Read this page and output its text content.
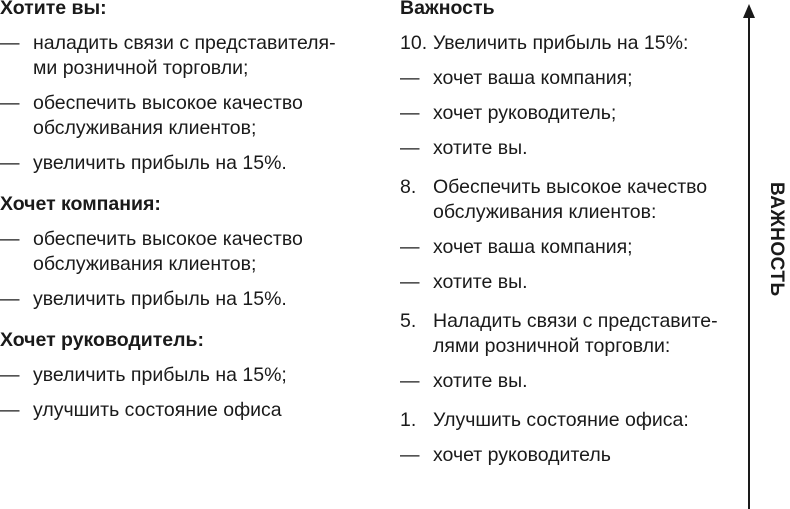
Хотите вы:

— наладить связи с представителя-
ми розничной торговли;
— обеспечить высокое качество
обслуживания клиентов;
— увеличить прибыль на 15%.

Хочет компания:

— обеспечить высокое качество
обслуживания клиентов;
— увеличить прибыль на 15%.

Хочет руководитель:

— увеличить прибыль на 15%;
— улучшить состояние офиса

Важность

10. Увеличить прибыль на 15%:
— хочет ваша компания;
— хочет руководитель;
— хотите вы.
8. Обеспечить высокое качество
обслуживания клиентов:
— хочет ваша компания;
— хотите вы.
5. Наладить связи с представите-
лями розничной торговли:
— хотите вы.
1. Улучшить состояние офиса:
— хочет руководитель
ВАЖНОСТЬ
